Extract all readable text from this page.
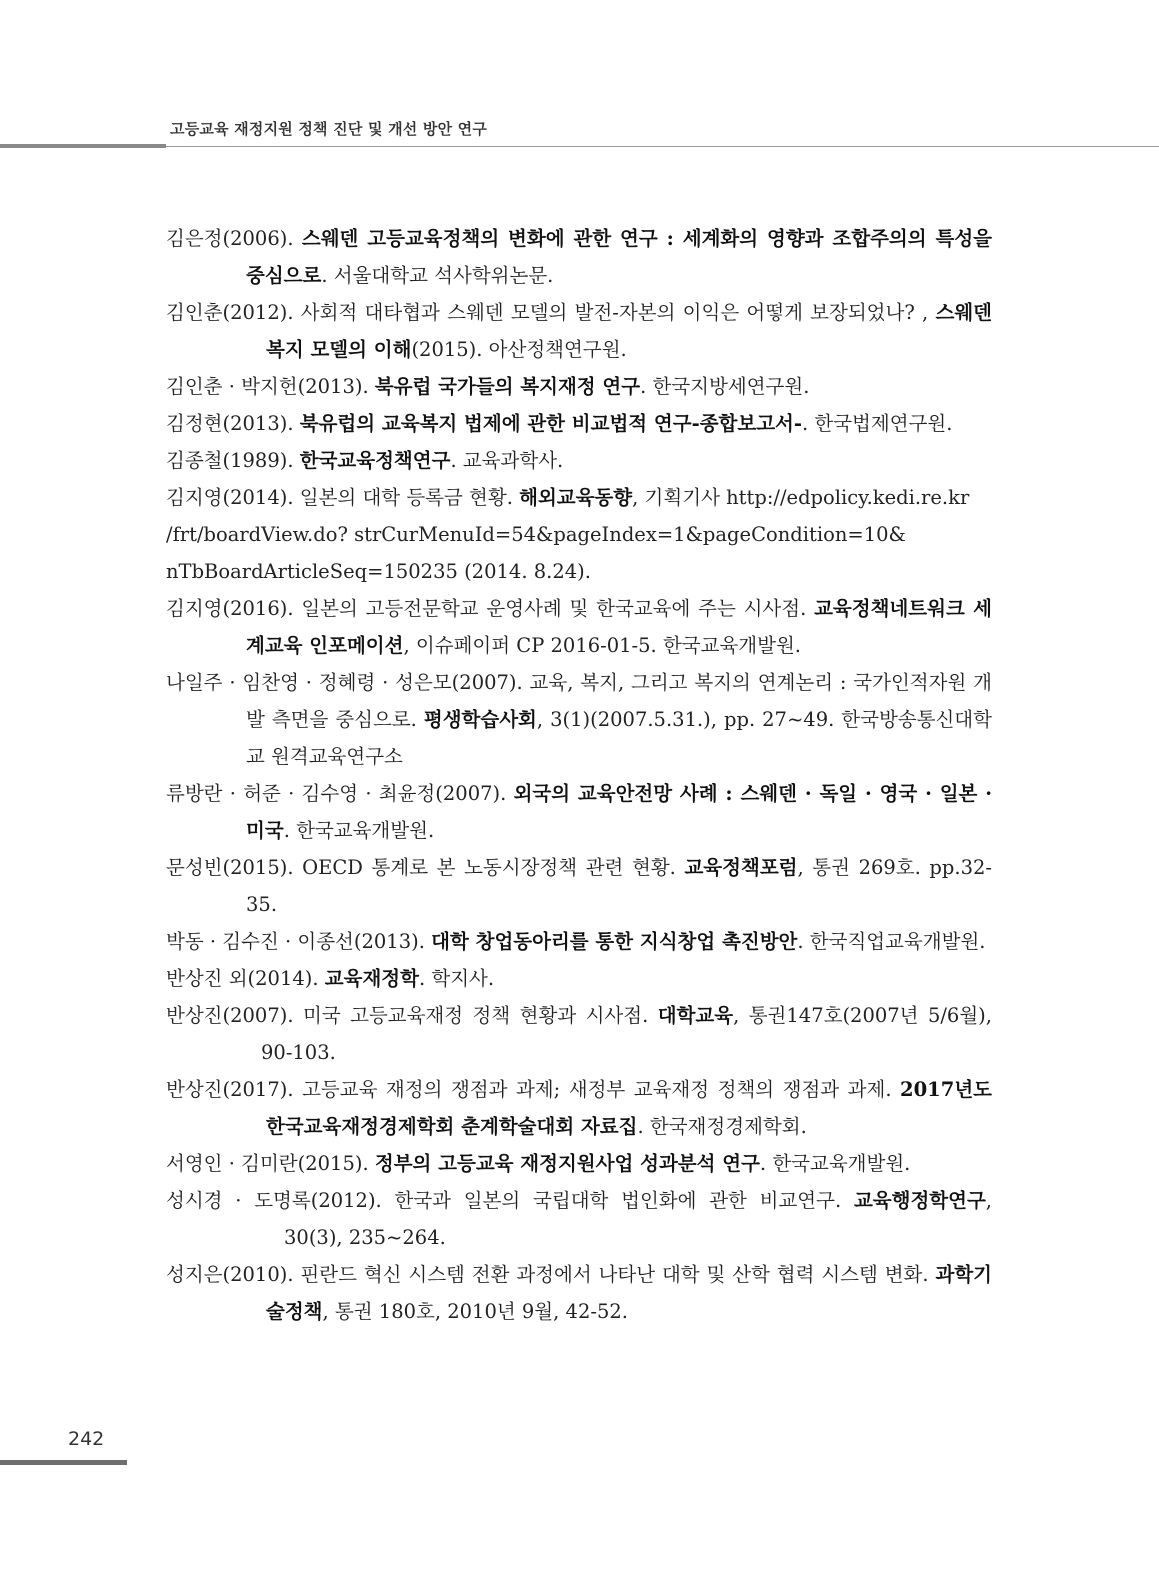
고등교육 재정지원 정책 진단 및 개선 방안 연구

김은정(2006). 스웨덴 고등교육정책의 변화에 관한 연구 : 세계화의 영향과 조합주의의 특성을 중심으로. 서울대학교 석사학위논문.

김인춘(2012). 사회적 대타협과 스웨덴 모델의 발전-자본의 이익은 어떻게 보장되었나? , 스웨덴 복지 모델의 이해(2015). 아산정책연구원.

김인춘 · 박지헌(2013). 북유럽 국가들의 복지재정 연구. 한국지방세연구원.

김정현(2013). 북유럽의 교육복지 법제에 관한 비교법적 연구-종합보고서-. 한국법제연구원.

김종철(1989). 한국교육정책연구. 교육과학사.

김지영(2014). 일본의 대학 등록금 현황. 해외교육동향, 기획기사 http://edpolicy.kedi.re.kr
/frt/boardView.do? strCurMenuId=54&pageIndex=1&pageCondition=10&
nTbBoardArticleSeq=150235 (2014. 8.24).

김지영(2016). 일본의 고등전문학교 운영사례 및 한국교육에 주는 시사점. 교육정책네트워크 세계교육 인포메이션, 이슈페이퍼 CP 2016-01-5. 한국교육개발원.

나일주 · 임찬영 · 정혜령 · 성은모(2007). 교육, 복지, 그리고 복지의 연계논리 : 국가인적자원 개발 측면을 중심으로. 평생학습사회, 3(1)(2007.5.31.), pp. 27~49. 한국방송통신대학교 원격교육연구소

류방란 · 허준 · 김수영 · 최윤정(2007). 외국의 교육안전망 사례 : 스웨덴 · 독일 · 영국 · 일본 · 미국. 한국교육개발원.

문성빈(2015). OECD 통계로 본 노동시장정책 관련 현황. 교육정책포럼, 통권 269호. pp.32-35.

박동 · 김수진 · 이종선(2013). 대학 창업동아리를 통한 지식창업 촉진방안. 한국직업교육개발원.

반상진 외(2014). 교육재정학. 학지사.

반상진(2007). 미국 고등교육재정 정책 현황과 시사점. 대학교육, 통권147호(2007년 5/6월), 90-103.

반상진(2017). 고등교육 재정의 쟁점과 과제; 새정부 교육재정 정책의 쟁점과 과제. 2017년도 한국교육재정경제학회 춘계학술대회 자료집. 한국재정경제학회.

서영인 · 김미란(2015). 정부의 고등교육 재정지원사업 성과분석 연구. 한국교육개발원.

성시경 · 도명록(2012). 한국과 일본의 국립대학 법인화에 관한 비교연구. 교육행정학연구, 30(3), 235~264.

성지은(2010). 핀란드 혁신 시스템 전환 과정에서 나타난 대학 및 산학 협력 시스템 변화. 과학기술정책, 통권 180호, 2010년 9월, 42-52.

242
